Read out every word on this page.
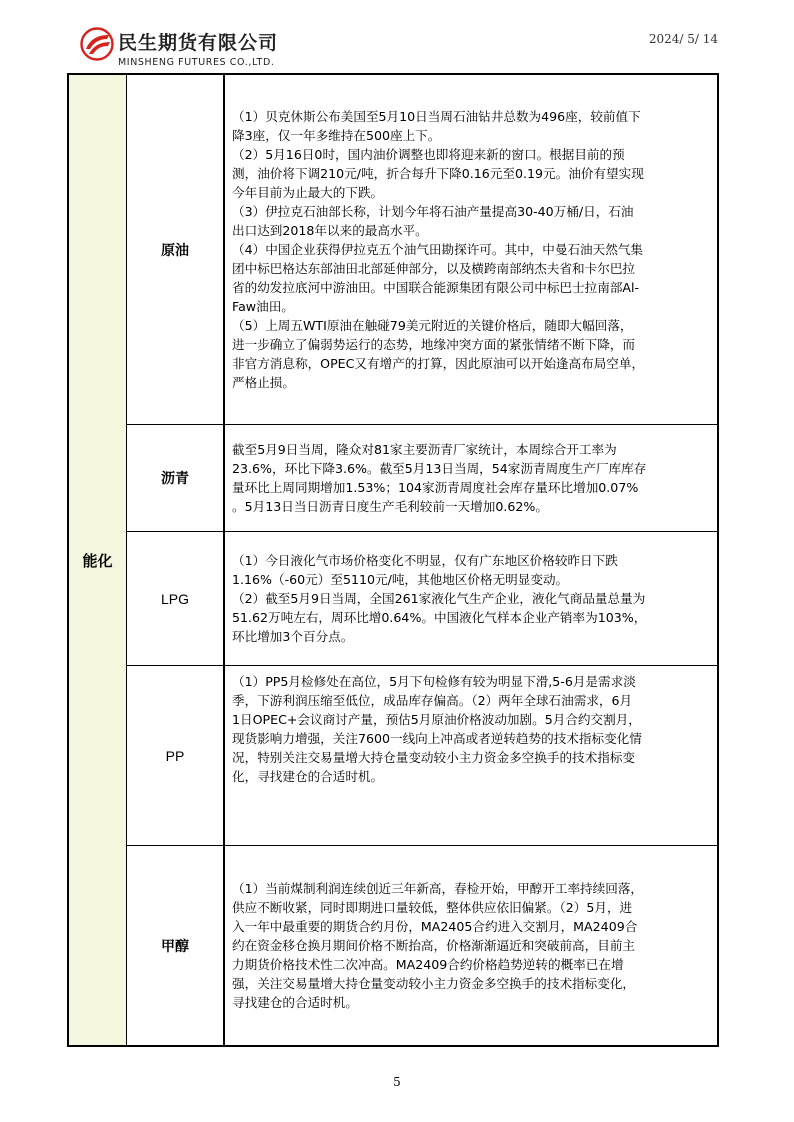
民生期货有限公司
MINSHENG FUTURES CO.,LTD.
2024/ 5/ 14
能化
原油

（1）贝克休斯公布美国至5月10日当周石油钻井总数为496座，较前值下
降3座，仅一年多维持在500座上下。

（2）5月16日0时，国内油价调整也即将迎来新的窗口。根据目前的预
测，油价将下调210元/吨，折合每升下降0.16元至0.19元。油价有望实现
今年目前为止最大的下跌。

（3）伊拉克石油部长称，计划今年将石油产量提高30-40万桶/日，石油
出口达到2018年以来的最高水平。

（4）中国企业获得伊拉克五个油气田勘探许可。其中，中曼石油天然气集
团中标巴格达东部油田北部延伸部分，以及横跨南部纳杰夫省和卡尔巴拉
省的幼发拉底河中游油田。中国联合能源集团有限公司中标巴士拉南部Al-
Faw油田。

（5）上周五WTI原油在触碰79美元附近的关键价格后，随即大幅回落，
进一步确立了偏弱势运行的态势，地缘冲突方面的紧张情绪不断下降，而
非官方消息称，OPEC又有增产的打算，因此原油可以开始逢高布局空单，
严格止损。

沥青

截至5月9日当周，隆众对81家主要沥青厂家统计，本周综合开工率为
23.6%，环比下降3.6%。截至5月13日当周，54家沥青周度生产厂库库存
量环比上周同期增加1.53%；104家沥青周度社会库存量环比增加0.07%
。5月13日当日沥青日度生产毛利较前一天增加0.62%。

LPG

（1）今日液化气市场价格变化不明显，仅有广东地区价格较昨日下跌
1.16%（-60元）至5110元/吨，其他地区价格无明显变动。

（2）截至5月9日当周，全国261家液化气生产企业，液化气商品量总量为
51.62万吨左右，周环比增0.64%。中国液化气样本企业产销率为103%，
环比增加3个百分点。

PP

（1）PP5月检修处在高位，5月下旬检修有较为明显下滑,5-6月是需求淡
季，下游利润压缩至低位，成品库存偏高。（2）两年全球石油需求，6月
1日OPEC+会议商讨产量，预估5月原油价格波动加剧。5月合约交割月，
现货影响力增强，关注7600一线向上冲高或者逆转趋势的技术指标变化情
况，特别关注交易量增大持仓量变动较小主力资金多空换手的技术指标变
化，寻找建仓的合适时机。

甲醇

（1）当前煤制利润连续创近三年新高，春检开始，甲醇开工率持续回落，
供应不断收紧，同时即期进口量较低，整体供应依旧偏紧。（2）5月，进
入一年中最重要的期货合约月份，MA2405合约进入交割月，MA2409合
约在资金移仓换月期间价格不断抬高，价格渐渐逼近和突破前高，目前主
力期货价格技术性二次冲高。MA2409合约价格趋势逆转的概率已在增
强，关注交易量增大持仓量变动较小主力资金多空换手的技术指标变化，
寻找建仓的合适时机。

5
